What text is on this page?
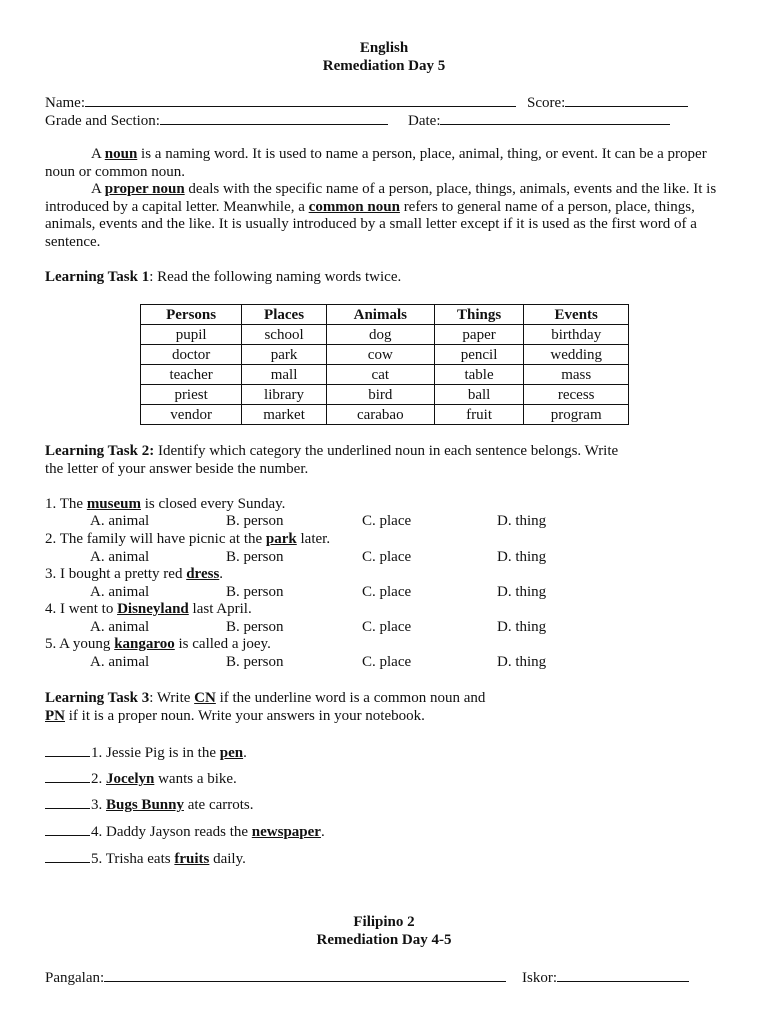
English
Remediation Day 5
Name:	Score:
Grade and Section:	Date:

A noun is a naming word. It is used to name a person, place, animal, thing, or event. It can be a proper noun or common noun.

A proper noun deals with the specific name of a person, place, things, animals, events and the like. It is introduced by a capital letter. Meanwhile, a common noun refers to general name of a person, place, things, animals, events and the like. It is usually introduced by a small letter except if it is used as the first word of a sentence.

Learning Task 1: Read the following naming words twice.
Persons	Places	Animals	Things	Events
pupil	school	dog	paper	birthday
doctor	park	cow	pencil	wedding
teacher	mall	cat	table	mass
priest	library	bird	ball	recess
vendor	market	carabao	fruit	program
Learning Task 2: Identify which category the underlined noun in each sentence belongs. Write
the letter of your answer beside the number.
1. The museum is closed every Sunday.
A. animal	B. person	C. place	D. thing
2. The family will have picnic at the park later.
A. animal	B. person	C. place	D. thing
3. I bought a pretty red dress.
A. animal	B. person	C. place	D. thing
4. I went to Disneyland last April.
A. animal	B. person	C. place	D. thing
5. A young kangaroo is called a joey.
A. animal	B. person	C. place	D. thing
Learning Task 3: Write CN if the underline word is a common noun and
PN if it is a proper noun. Write your answers in your notebook.
1. Jessie Pig is in the pen.
2. Jocelyn wants a bike.
3. Bugs Bunny ate carrots.
4. Daddy Jayson reads the newspaper.
5. Trisha eats fruits daily.
Filipino 2
Remediation Day 4-5
Pangalan:	Iskor:
